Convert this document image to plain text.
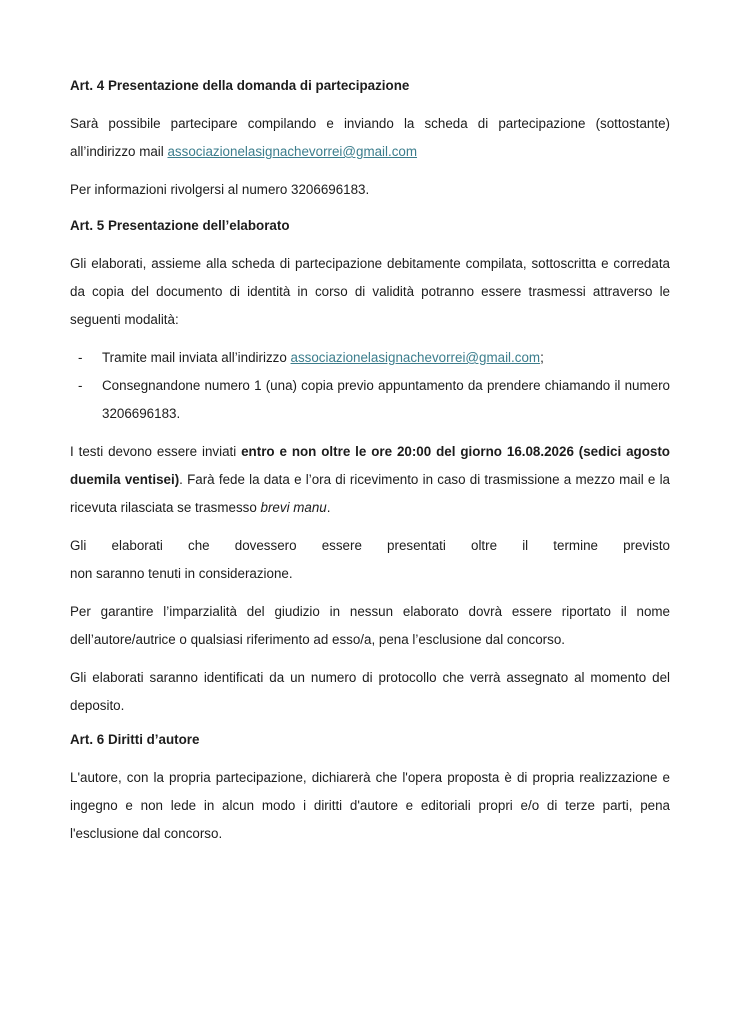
Art. 4 Presentazione della domanda di partecipazione

Sarà possibile partecipare compilando e inviando la scheda di partecipazione (sottostante) all’indirizzo mail associazionelasignachevorrei@gmail.com

Per informazioni rivolgersi al numero 3206696183.

Art. 5 Presentazione dell’elaborato

Gli elaborati, assieme alla scheda di partecipazione debitamente compilata, sottoscritta e corredata da copia del documento di identità in corso di validità potranno essere trasmessi attraverso le seguenti modalità:

- Tramite mail inviata all’indirizzo associazionelasignachevorrei@gmail.com;
- Consegnandone numero 1 (una) copia previo appuntamento da prendere chiamando il numero 3206696183.

I testi devono essere inviati entro e non oltre le ore 20:00 del giorno 16.08.2026 (sedici agosto duemila ventisei). Farà fede la data e l’ora di ricevimento in caso di trasmissione a mezzo mail e la ricevuta rilasciata se trasmesso brevi manu.

Gli elaborati che dovessero essere presentati oltre il termine previsto
non saranno tenuti in considerazione.

Per garantire l’imparzialità del giudizio in nessun elaborato dovrà essere riportato il nome dell’autore/autrice o qualsiasi riferimento ad esso/a, pena l’esclusione dal concorso.

Gli elaborati saranno identificati da un numero di protocollo che verrà assegnato al momento del deposito.

Art. 6 Diritti d’autore

L'autore, con la propria partecipazione, dichiarerà che l'opera proposta è di propria realizzazione e ingegno e non lede in alcun modo i diritti d'autore e editoriali propri e/o di terze parti, pena l'esclusione dal concorso.
